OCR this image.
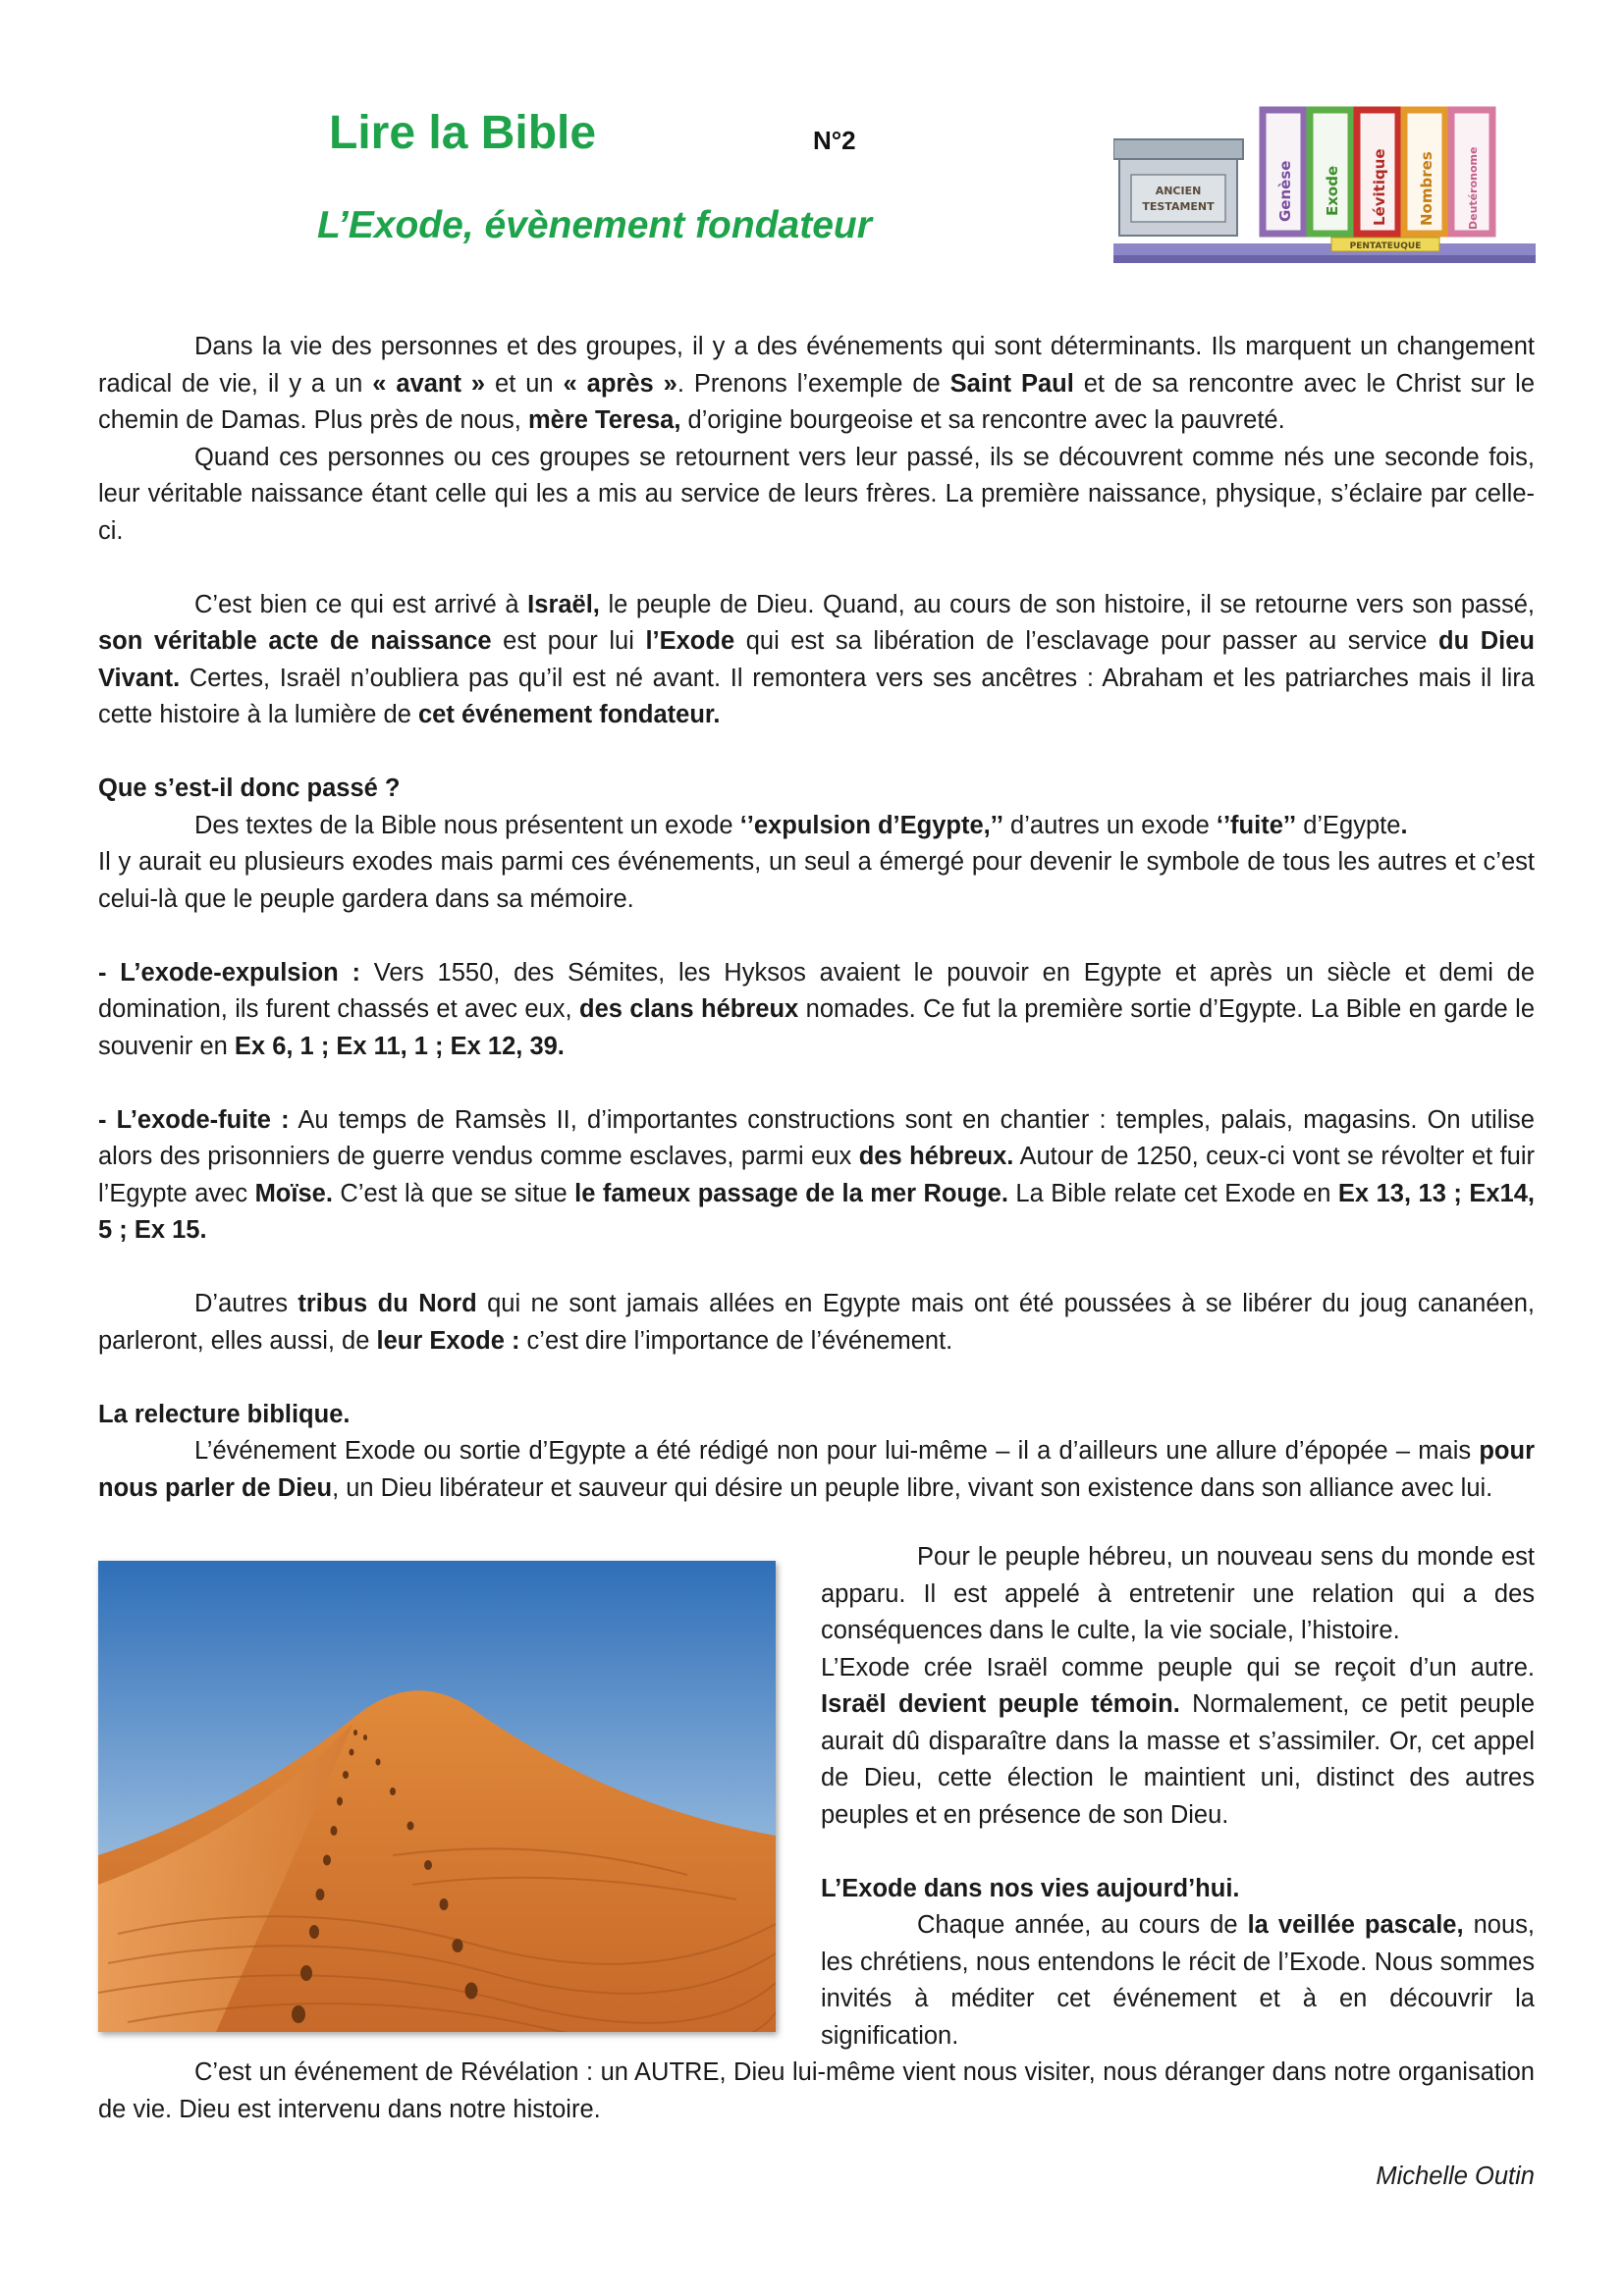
Lire la Bible	N°2
L’Exode, évènement fondateur
ANCIEN
TESTAMENT	Genèse Exode Lévitique Nombres	Deutéronome
PENTATEUQUE

Dans la vie des personnes et des groupes, il y a des événements qui sont déterminants. Ils marquent un changement radical de vie, il y a un « avant » et un « après ». Prenons l’exemple de Saint Paul et de sa rencontre avec le Christ sur le chemin de Damas. Plus près de nous, mère Teresa, d’origine bourgeoise et sa rencontre avec la pauvreté.

Quand ces personnes ou ces groupes se retournent vers leur passé, ils se découvrent comme nés une seconde fois, leur véritable naissance étant celle qui les a mis au service de leurs frères. La première naissance, physique, s’éclaire par celle-ci.

C’est bien ce qui est arrivé à Israël, le peuple de Dieu. Quand, au cours de son histoire, il se retourne vers son passé, son véritable acte de naissance est pour lui l’Exode qui est sa libération de l’esclavage pour passer au service du Dieu Vivant. Certes, Israël n’oubliera pas qu’il est né avant. Il remontera vers ses ancêtres : Abraham et les patriarches mais il lira cette histoire à la lumière de cet événement fondateur.

Que s’est-il donc passé ?

Des textes de la Bible nous présentent un exode ‘’expulsion d’Egypte,’’ d’autres un exode ‘’fuite’’ d’Egypte.

Il y aurait eu plusieurs exodes mais parmi ces événements, un seul a émergé pour devenir le symbole de tous les autres et c’est celui-là que le peuple gardera dans sa mémoire.

- L’exode-expulsion : Vers 1550, des Sémites, les Hyksos avaient le pouvoir en Egypte et après un siècle et demi de domination, ils furent chassés et avec eux, des clans hébreux nomades. Ce fut la première sortie d’Egypte. La Bible en garde le souvenir en Ex 6, 1 ; Ex 11, 1 ; Ex 12, 39.

- L’exode-fuite : Au temps de Ramsès II, d’importantes constructions sont en chantier : temples, palais, magasins. On utilise alors des prisonniers de guerre vendus comme esclaves, parmi eux des hébreux. Autour de 1250, ceux-ci vont se révolter et fuir l’Egypte avec Moïse. C’est là que se situe le fameux passage de la mer Rouge. La Bible relate cet Exode en Ex 13, 13 ; Ex14, 5 ; Ex 15.

D’autres tribus du Nord qui ne sont jamais allées en Egypte mais ont été poussées à se libérer du joug cananéen, parleront, elles aussi, de leur Exode : c’est dire l’importance de l’événement.

La relecture biblique.

L’événement Exode ou sortie d’Egypte a été rédigé non pour lui-même – il a d’ailleurs une allure d’épopée – mais pour nous parler de Dieu, un Dieu libérateur et sauveur qui désire un peuple libre, vivant son existence dans son alliance avec lui.

Pour le peuple hébreu, un nouveau sens du monde est apparu. Il est appelé à entretenir une relation qui a des conséquences dans le culte, la vie sociale, l’histoire.

L’Exode crée Israël comme peuple qui se reçoit d’un autre. Israël devient peuple témoin. Normalement, ce petit peuple aurait dû disparaître dans la masse et s’assimiler. Or, cet appel de Dieu, cette élection le maintient uni, distinct des autres peuples et en présence de son Dieu.

L’Exode dans nos vies aujourd’hui.

Chaque année, au cours de la veillée pascale, nous, les chrétiens, nous entendons le récit de l’Exode. Nous sommes invités à méditer cet événement et à en découvrir la signification.

C’est un événement de Révélation : un AUTRE, Dieu lui-même vient nous visiter, nous déranger dans notre organisation de vie. Dieu est intervenu dans notre histoire.

Michelle Outin
